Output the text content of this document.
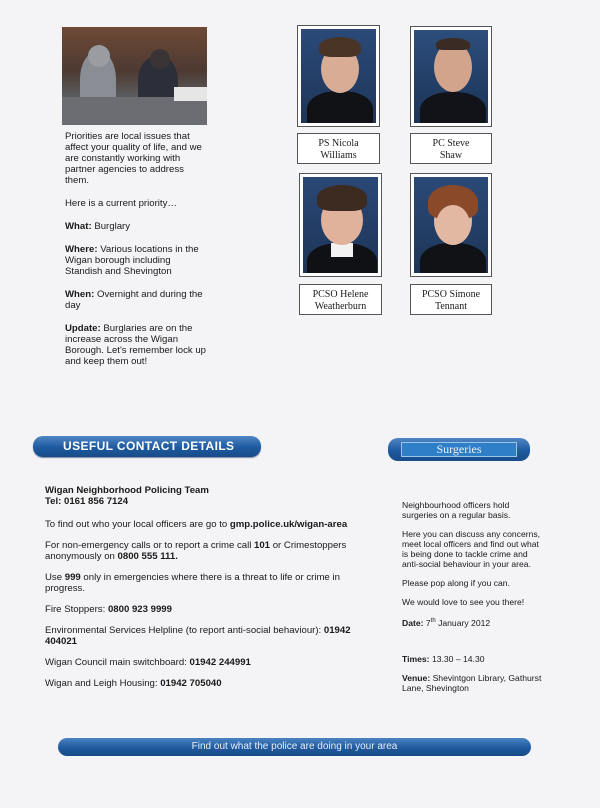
Priorities are local issues that affect your quality of life, and we are constantly working with partner agencies to address them.

Here is a current priority…

What: Burglary

Where: Various locations in the Wigan borough including Standish and Shevington

When: Overnight and during the day

Update: Burglaries are on the increase across the Wigan Borough. Let's remember lock up and keep them out!

PS Nicola
Williams
PC Steve
Shaw
PCSO Helene
Weatherburn
PCSO Simone
Tennant
USEFUL CONTACT DETAILS	Surgeries

Wigan Neighborhood Policing Team
Tel: 0161 856 7124

To find out who your local officers are go to gmp.police.uk/wigan-area

For non-emergency calls or to report a crime call 101 or Crimestoppers anonymously on 0800 555 111.

Use 999 only in emergencies where there is a threat to life or crime in progress.

Fire Stoppers: 0800 923 9999

Environmental Services Helpline (to report anti-social behaviour): 01942 404021

Wigan Council main switchboard: 01942 244991

Wigan and Leigh Housing: 01942 705040

Neighbourhood officers hold surgeries on a regular basis.

Here you can discuss any concerns, meet local officers and find out what is being done to tackle crime and anti-social behaviour in your area.

Please pop along if you can.

We would love to see you there!

Date: 7th January 2012

Times: 13.30 – 14.30

Venue: Shevintgon Library, Gathurst Lane, Shevington

Find out what the police are doing in your area
